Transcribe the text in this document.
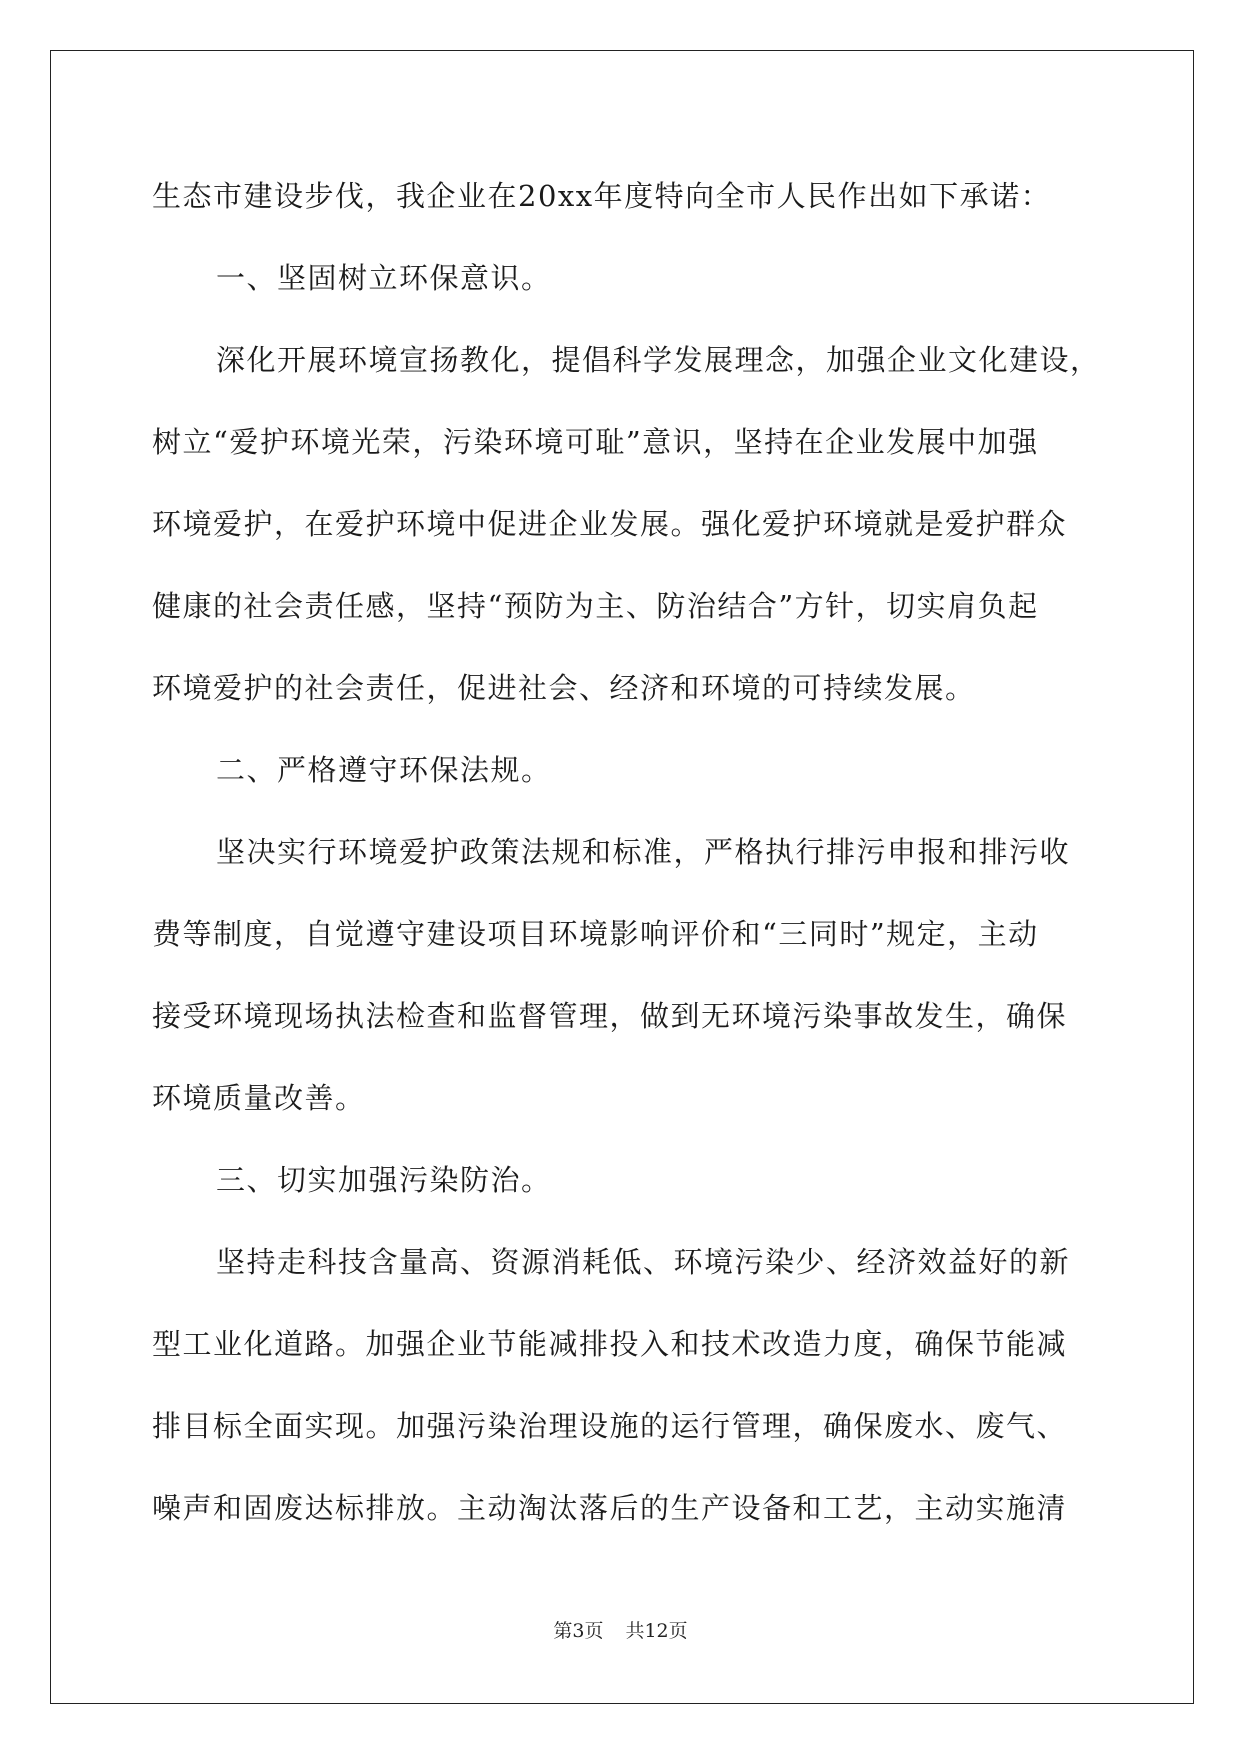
生态市建设步伐，我企业在20xx年度特向全市人民作出如下承诺：
一、坚固树立环保意识。
深化开展环境宣扬教化，提倡科学发展理念，加强企业文化建设，
树立“爱护环境光荣，污染环境可耻”意识，坚持在企业发展中加强
环境爱护，在爱护环境中促进企业发展。强化爱护环境就是爱护群众
健康的社会责任感，坚持“预防为主、防治结合”方针，切实肩负起
环境爱护的社会责任，促进社会、经济和环境的可持续发展。
二、严格遵守环保法规。
坚决实行环境爱护政策法规和标准，严格执行排污申报和排污收
费等制度，自觉遵守建设项目环境影响评价和“三同时”规定，主动
接受环境现场执法检查和监督管理，做到无环境污染事故发生，确保
环境质量改善。
三、切实加强污染防治。
坚持走科技含量高、资源消耗低、环境污染少、经济效益好的新
型工业化道路。加强企业节能减排投入和技术改造力度，确保节能减
排目标全面实现。加强污染治理设施的运行管理，确保废水、废气、
噪声和固废达标排放。主动淘汰落后的生产设备和工艺，主动实施清
第3页 共12页
